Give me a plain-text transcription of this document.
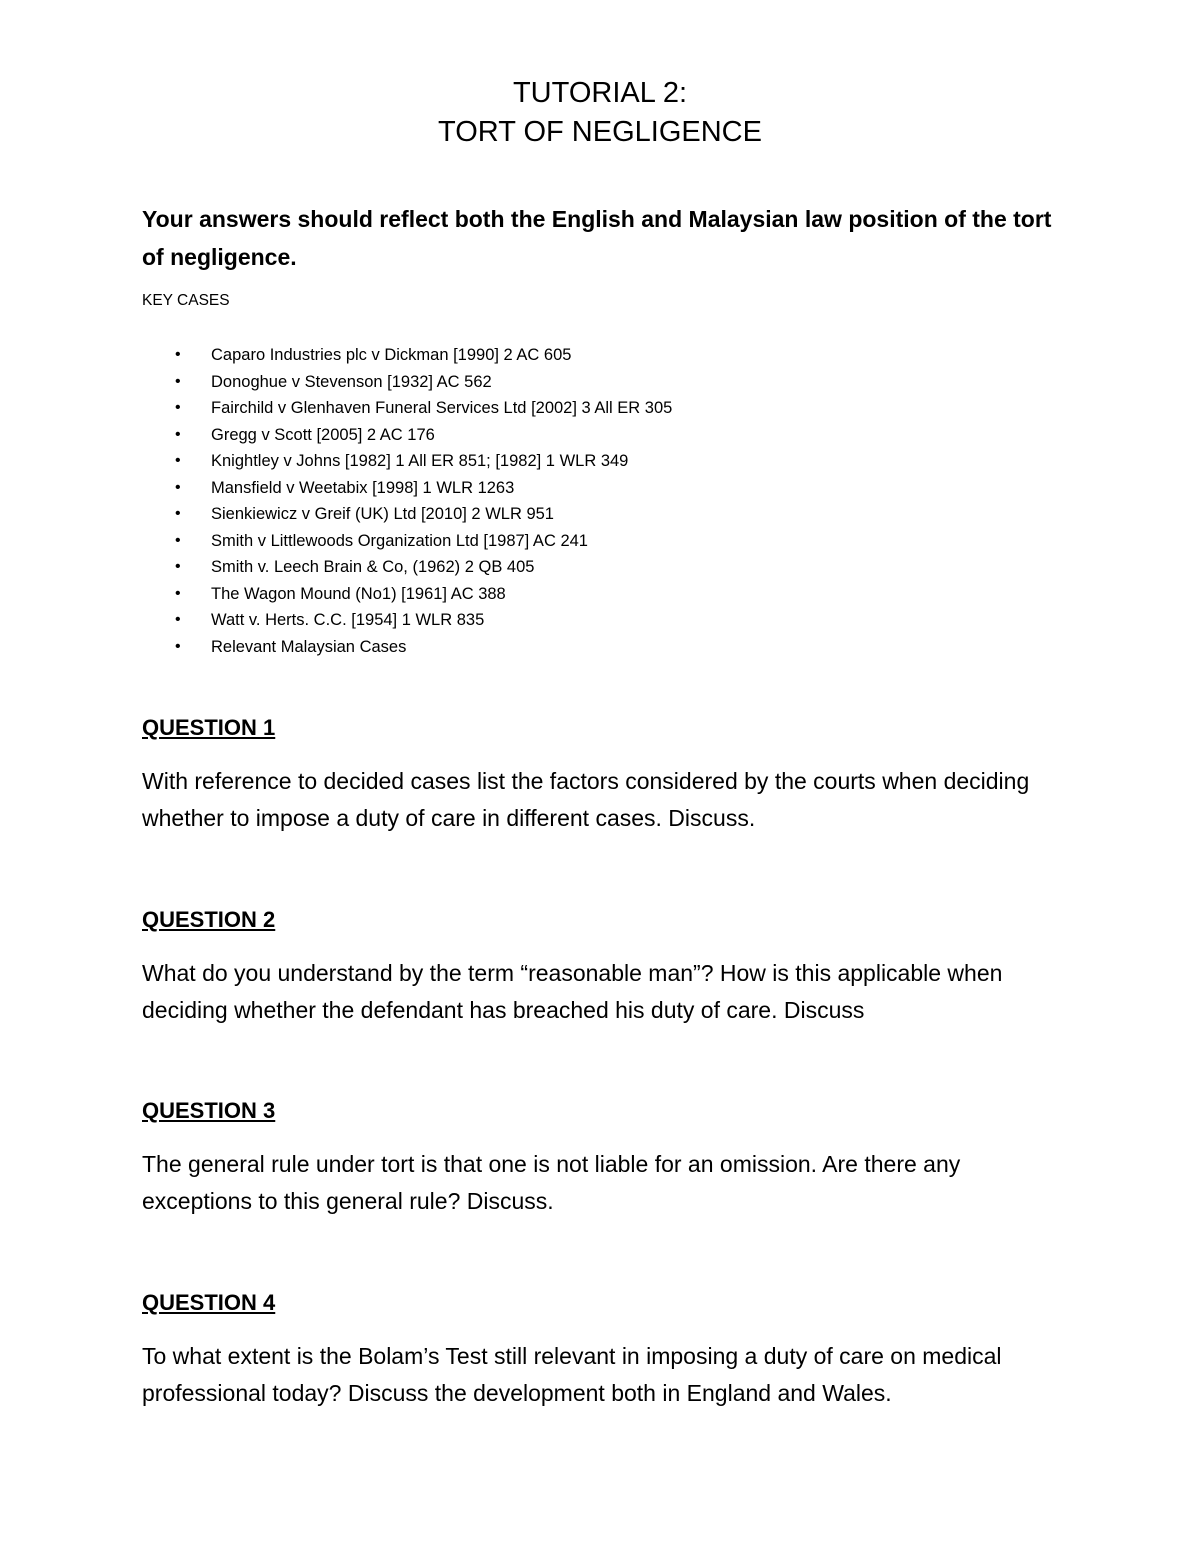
TUTORIAL 2:

TORT OF NEGLIGENCE

Your answers should reflect both the English and Malaysian law position of the tort of negligence.

KEY CASES

• Caparo Industries plc v Dickman [1990] 2 AC 605
• Donoghue v Stevenson [1932] AC 562
• Fairchild v Glenhaven Funeral Services Ltd [2002] 3 All ER 305
• Gregg v Scott [2005] 2 AC 176
• Knightley v Johns [1982] 1 All ER 851; [1982] 1 WLR 349
• Mansfield v Weetabix [1998] 1 WLR 1263
• Sienkiewicz v Greif (UK) Ltd [2010] 2 WLR 951
• Smith v Littlewoods Organization Ltd [1987] AC 241
• Smith v. Leech Brain & Co, (1962) 2 QB 405
• The Wagon Mound (No1) [1961] AC 388
• Watt v. Herts. C.C. [1954] 1 WLR 835
• Relevant Malaysian Cases

QUESTION 1

With reference to decided cases list the factors considered by the courts when deciding whether to impose a duty of care in different cases. Discuss.

QUESTION 2

What do you understand by the term “reasonable man”? How is this applicable when deciding whether the defendant has breached his duty of care. Discuss

QUESTION 3

The general rule under tort is that one is not liable for an omission. Are there any exceptions to this general rule? Discuss.

QUESTION 4

To what extent is the Bolam’s Test still relevant in imposing a duty of care on medical professional today? Discuss the development both in England and Wales.
